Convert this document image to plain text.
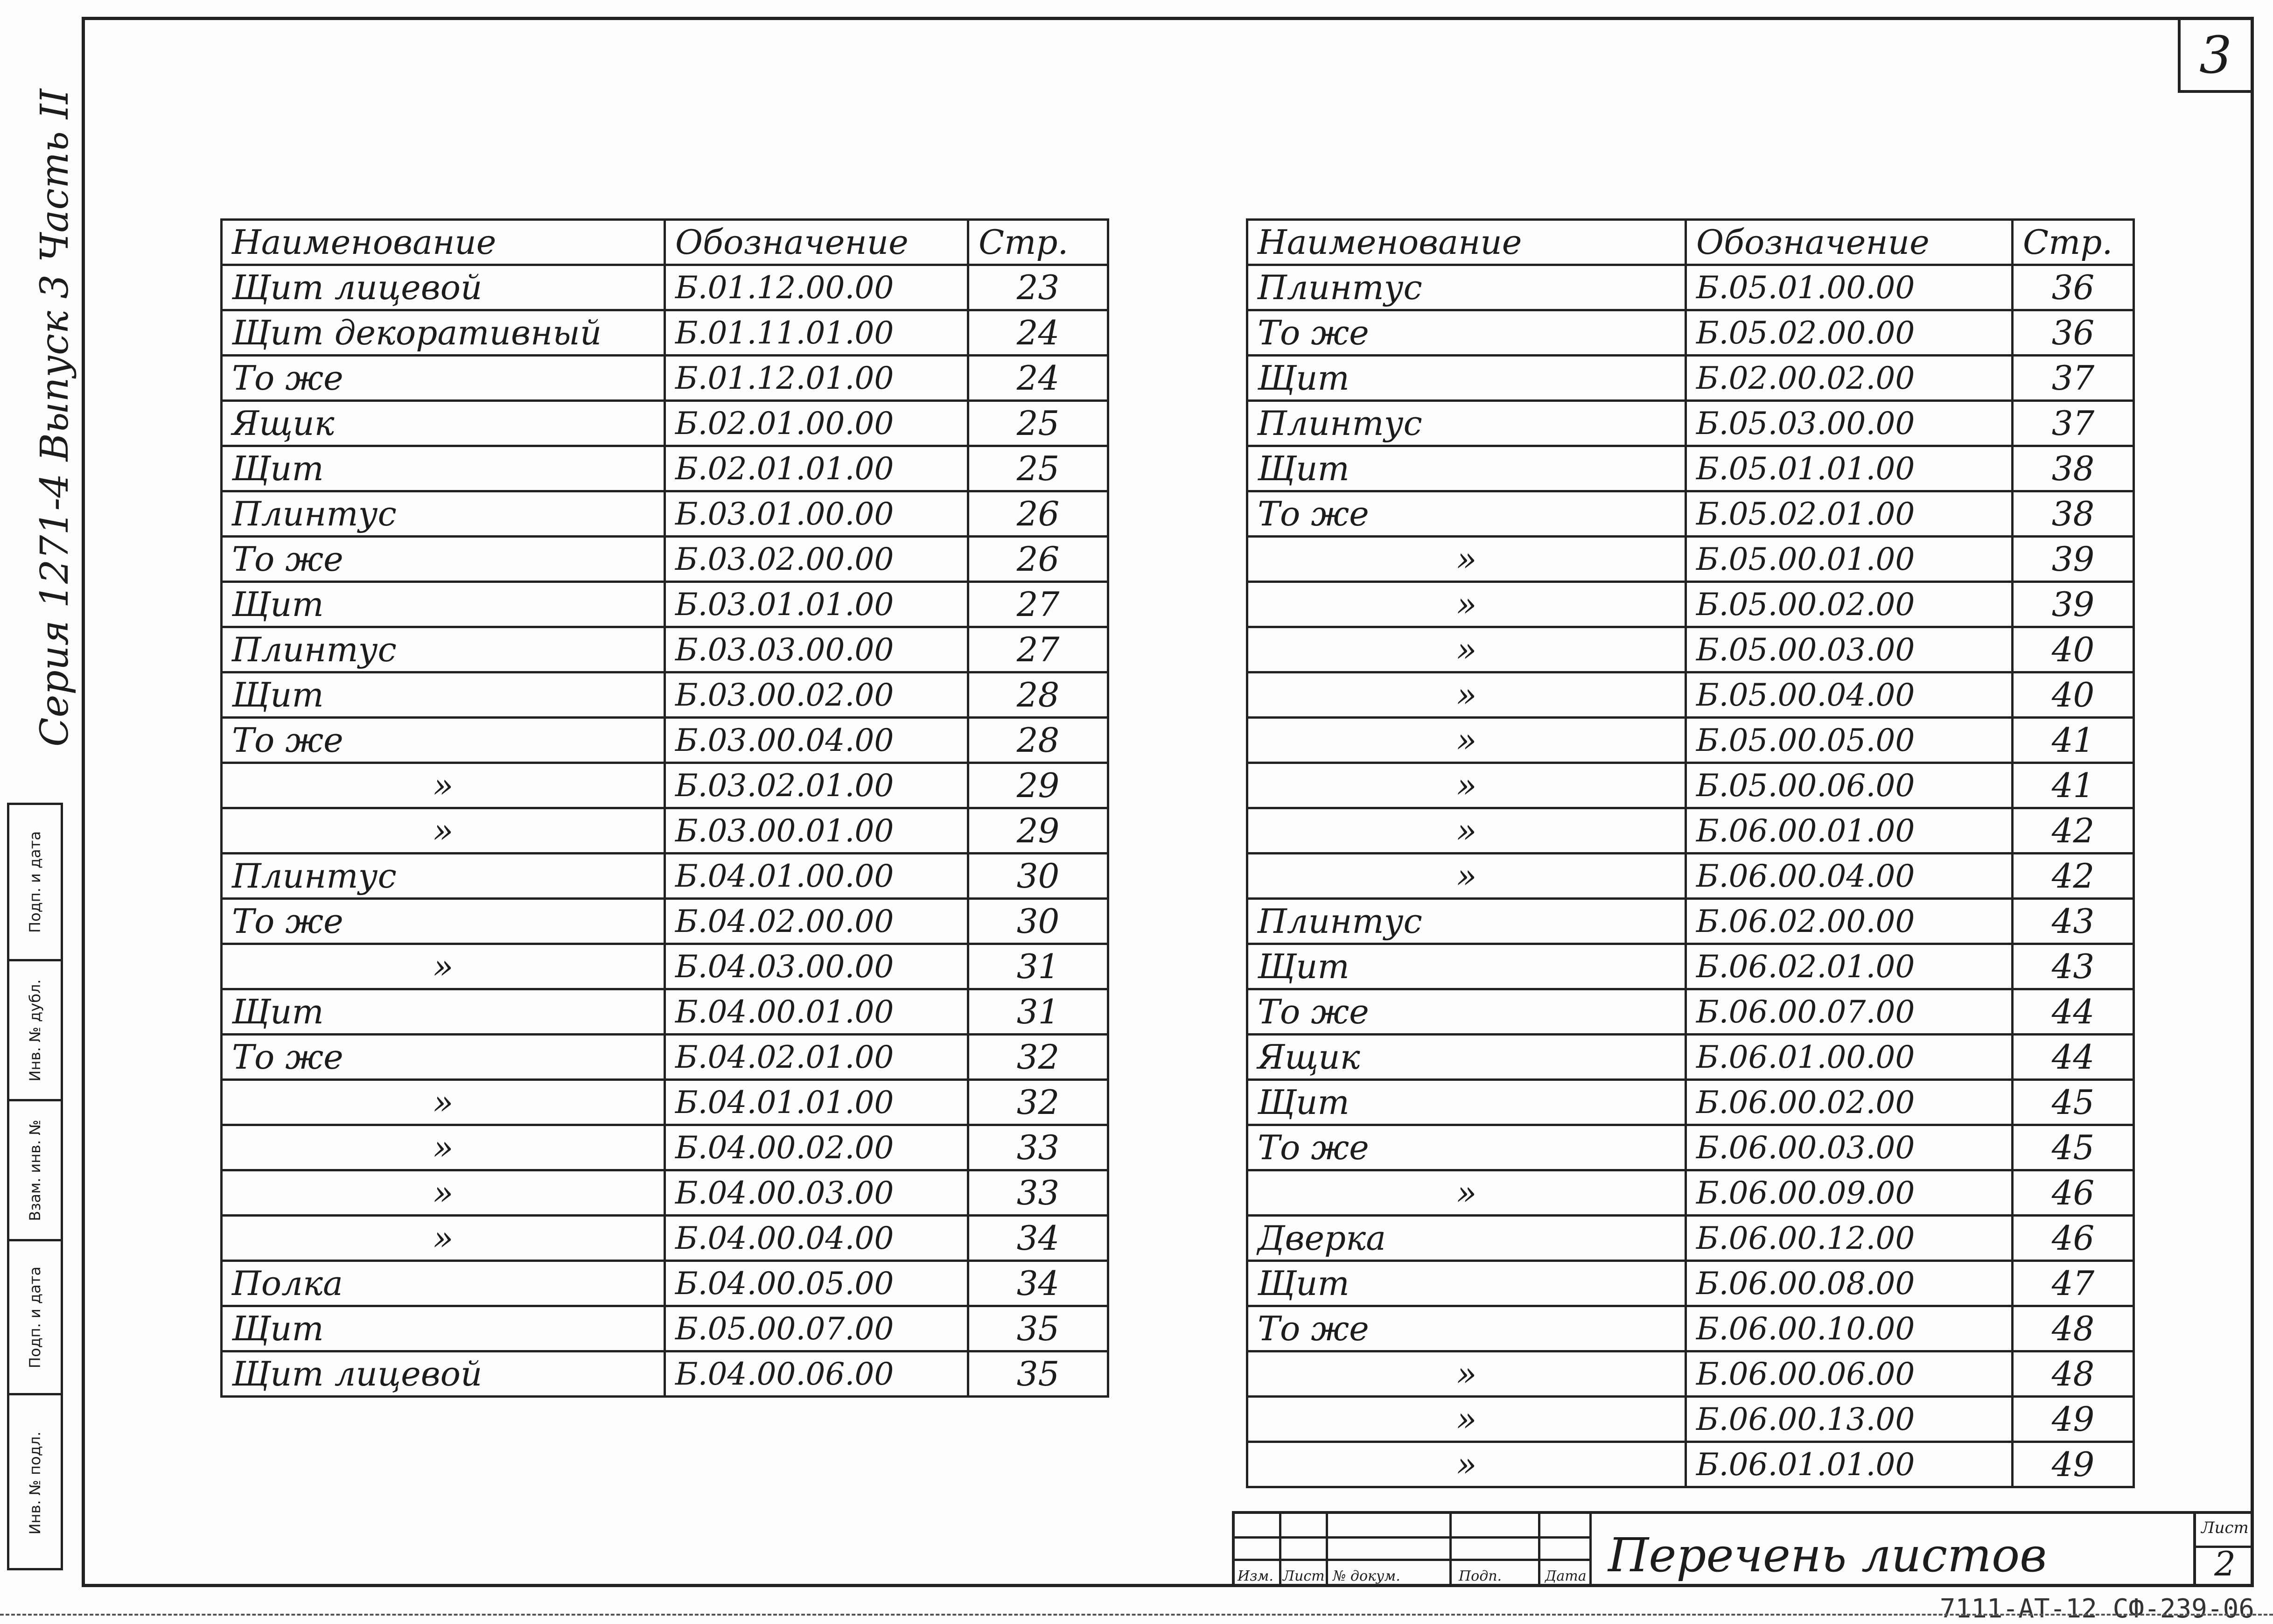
3
Серия 1271-4 Выпуск 3 Часть II
Подп. и дата
Инв. № дубл.
Взам. инв. №
Подп. и дата
Инв. № подл.
Наименование	Обозначение	Стр.
Щит лицевой	Б.01.12.00.00	23
Щит декоративный	Б.01.11.01.00	24
То же	Б.01.12.01.00	24
Ящик	Б.02.01.00.00	25
Щит	Б.02.01.01.00	25
Плинтус	Б.03.01.00.00	26
То же	Б.03.02.00.00	26
Щит	Б.03.01.01.00	27
Плинтус	Б.03.03.00.00	27
Щит	Б.03.00.02.00	28
То же	Б.03.00.04.00	28
»	Б.03.02.01.00	29
»	Б.03.00.01.00	29
Плинтус	Б.04.01.00.00	30
То же	Б.04.02.00.00	30
»	Б.04.03.00.00	31
Щит	Б.04.00.01.00	31
То же	Б.04.02.01.00	32
»	Б.04.01.01.00	32
»	Б.04.00.02.00	33
»	Б.04.00.03.00	33
»	Б.04.00.04.00	34
Полка	Б.04.00.05.00	34
Щит	Б.05.00.07.00	35
Щит лицевой	Б.04.00.06.00	35
Наименование	Обозначение	Стр.
Плинтус	Б.05.01.00.00	36
То же	Б.05.02.00.00	36
Щит	Б.02.00.02.00	37
Плинтус	Б.05.03.00.00	37
Щит	Б.05.01.01.00	38
То же	Б.05.02.01.00	38
»	Б.05.00.01.00	39
»	Б.05.00.02.00	39
»	Б.05.00.03.00	40
»	Б.05.00.04.00	40
»	Б.05.00.05.00	41
»	Б.05.00.06.00	41
»	Б.06.00.01.00	42
»	Б.06.00.04.00	42
Плинтус	Б.06.02.00.00	43
Щит	Б.06.02.01.00	43
То же	Б.06.00.07.00	44
Ящик	Б.06.01.00.00	44
Щит	Б.06.00.02.00	45
То же	Б.06.00.03.00	45
»	Б.06.00.09.00	46
Дверка	Б.06.00.12.00	46
Щит	Б.06.00.08.00	47
То же	Б.06.00.10.00	48
»	Б.06.00.06.00	48
»	Б.06.00.13.00	49
»	Б.06.01.01.00	49
Изм. Лист № докум.	Подп.	Дата Перечень листов	Лист
2
7111-АТ-12 СФ-239-06
